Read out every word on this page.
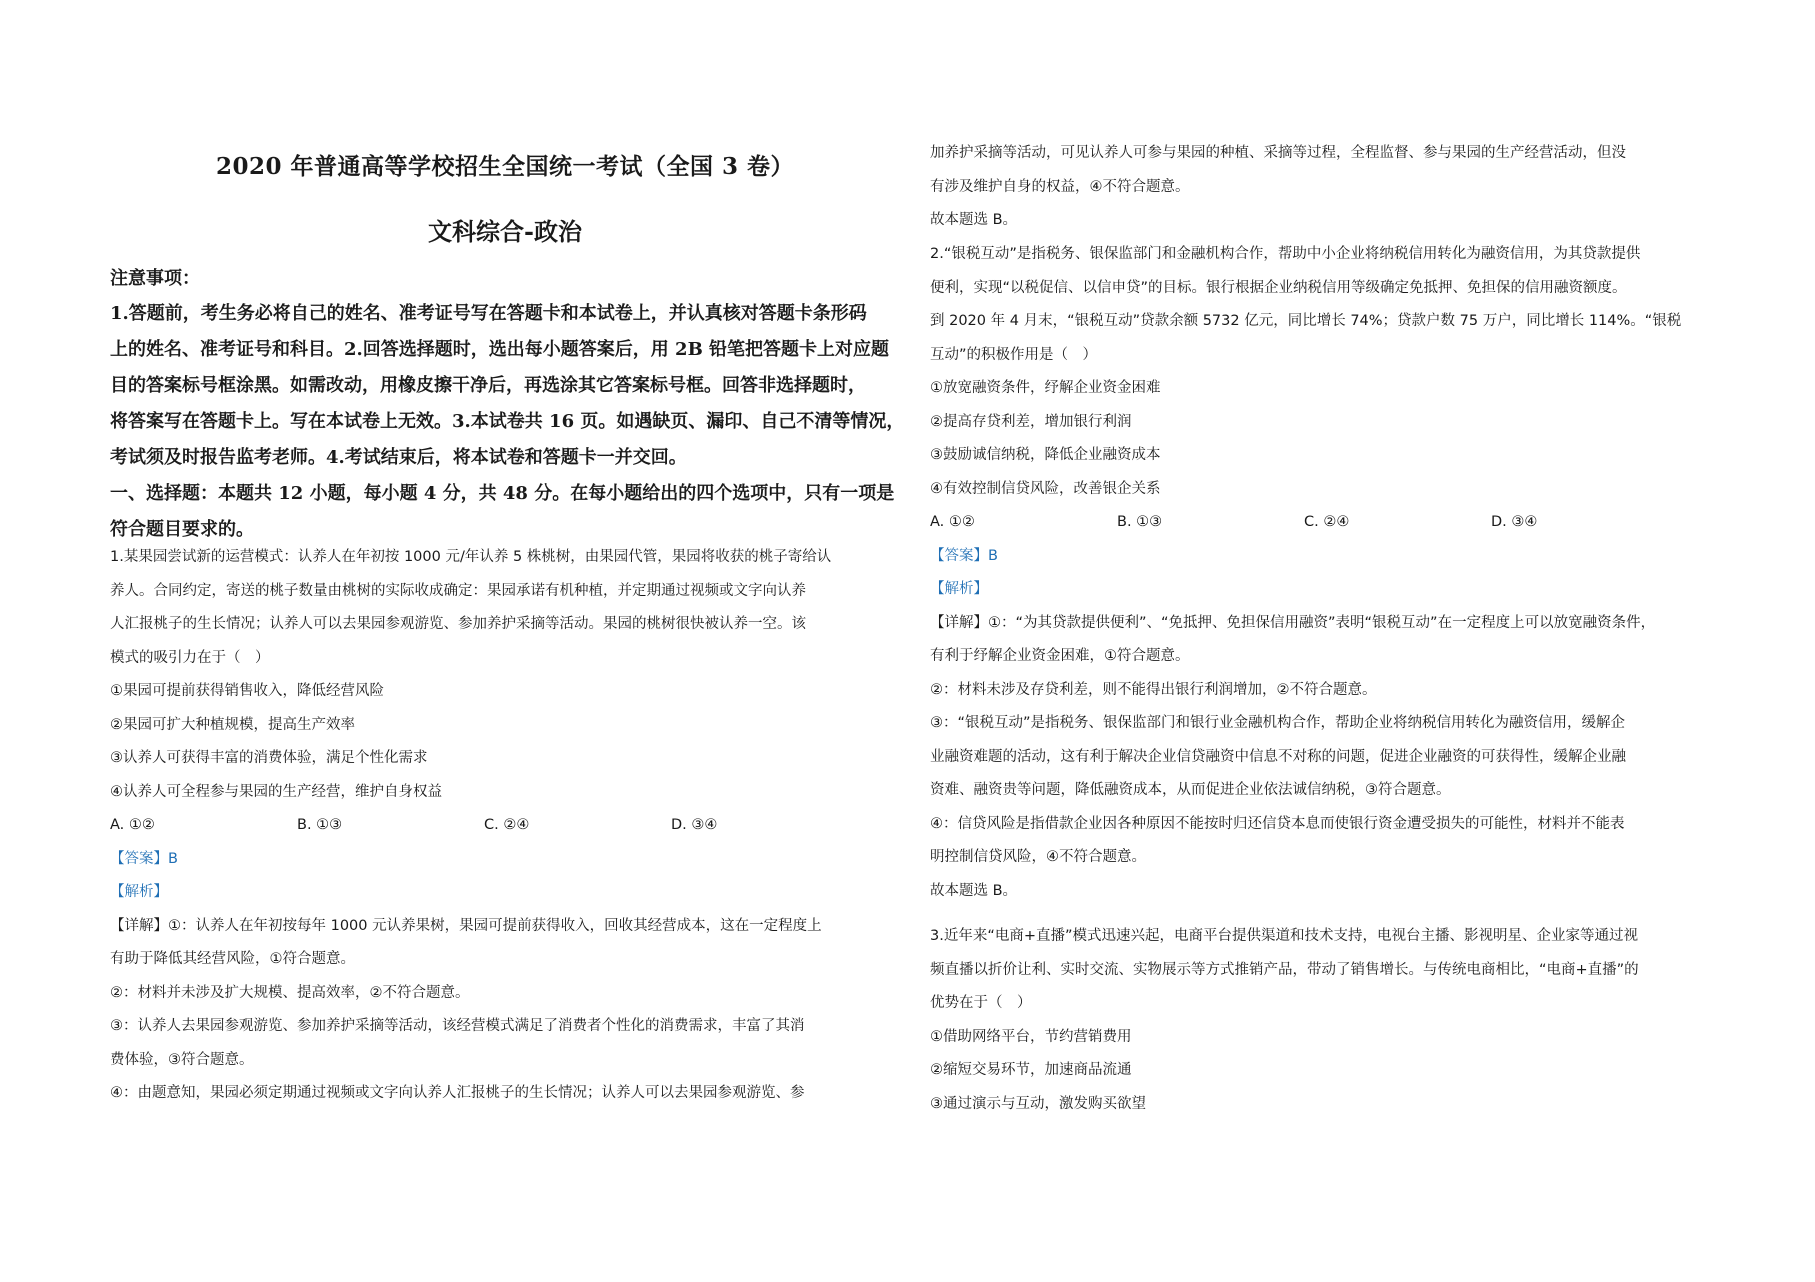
2020 年普通高等学校招生全国统一考试（全国 3 卷）
文科综合-政治
注意事项：
1.答题前，考生务必将自己的姓名、准考证号写在答题卡和本试卷上，并认真核对答题卡条形码
上的姓名、准考证号和科目。2.回答选择题时，选出每小题答案后，用 2B 铅笔把答题卡上对应题
目的答案标号框涂黑。如需改动，用橡皮擦干净后，再选涂其它答案标号框。回答非选择题时，
将答案写在答题卡上。写在本试卷上无效。3.本试卷共 16 页。如遇缺页、漏印、自己不清等情况，
考试须及时报告监考老师。4.考试结束后，将本试卷和答题卡一并交回。
一、选择题：本题共 12 小题，每小题 4 分，共 48 分。在每小题给出的四个选项中，只有一项是
符合题目要求的。

1.某果园尝试新的运营模式：认养人在年初按 1000 元/年认养 5 株桃树，由果园代管，果园将收获的桃子寄给认

养人。合同约定，寄送的桃子数量由桃树的实际收成确定：果园承诺有机种植，并定期通过视频或文字向认养

人汇报桃子的生长情况；认养人可以去果园参观游览、参加养护采摘等活动。果园的桃树很快被认养一空。该

模式的吸引力在于（　）

①果园可提前获得销售收入，降低经营风险

②果园可扩大种植规模，提高生产效率

③认养人可获得丰富的消费体验，满足个性化需求

④认养人可全程参与果园的生产经营，维护自身权益

A. ①②	B. ①③	C. ②④	D. ③④

【答案】B

【解析】

【详解】①：认养人在年初按每年 1000 元认养果树，果园可提前获得收入，回收其经营成本，这在一定程度上

有助于降低其经营风险，①符合题意。

②：材料并未涉及扩大规模、提高效率，②不符合题意。

③：认养人去果园参观游览、参加养护采摘等活动，该经营模式满足了消费者个性化的消费需求，丰富了其消

费体验，③符合题意。

④：由题意知，果园必须定期通过视频或文字向认养人汇报桃子的生长情况；认养人可以去果园参观游览、参

加养护采摘等活动，可见认养人可参与果园的种植、采摘等过程，全程监督、参与果园的生产经营活动，但没

有涉及维护自身的权益，④不符合题意。

故本题选 B。

2.“银税互动”是指税务、银保监部门和金融机构合作，帮助中小企业将纳税信用转化为融资信用，为其贷款提供

便利，实现“以税促信、以信申贷”的目标。银行根据企业纳税信用等级确定免抵押、免担保的信用融资额度。

到 2020 年 4 月末，“银税互动”贷款余额 5732 亿元，同比增长 74%；贷款户数 75 万户，同比增长 114%。“银税

互动”的积极作用是（　）

①放宽融资条件，纾解企业资金困难

②提高存贷利差，增加银行利润

③鼓励诚信纳税，降低企业融资成本

④有效控制信贷风险，改善银企关系

A. ①②	B. ①③	C. ②④	D. ③④

【答案】B

【解析】

【详解】①：“为其贷款提供便利”、“免抵押、免担保信用融资”表明“银税互动”在一定程度上可以放宽融资条件，

有利于纾解企业资金困难，①符合题意。

②：材料未涉及存贷利差，则不能得出银行利润增加，②不符合题意。

③：“银税互动”是指税务、银保监部门和银行业金融机构合作，帮助企业将纳税信用转化为融资信用，缓解企

业融资难题的活动，这有利于解决企业信贷融资中信息不对称的问题，促进企业融资的可获得性，缓解企业融

资难、融资贵等问题，降低融资成本，从而促进企业依法诚信纳税，③符合题意。

④：信贷风险是指借款企业因各种原因不能按时归还信贷本息而使银行资金遭受损失的可能性，材料并不能表

明控制信贷风险，④不符合题意。

故本题选 B。

3.近年来“电商+直播”模式迅速兴起，电商平台提供渠道和技术支持，电视台主播、影视明星、企业家等通过视

频直播以折价让利、实时交流、实物展示等方式推销产品，带动了销售增长。与传统电商相比，“电商+直播”的

优势在于（　）

①借助网络平台，节约营销费用

②缩短交易环节，加速商品流通

③通过演示与互动，激发购买欲望
